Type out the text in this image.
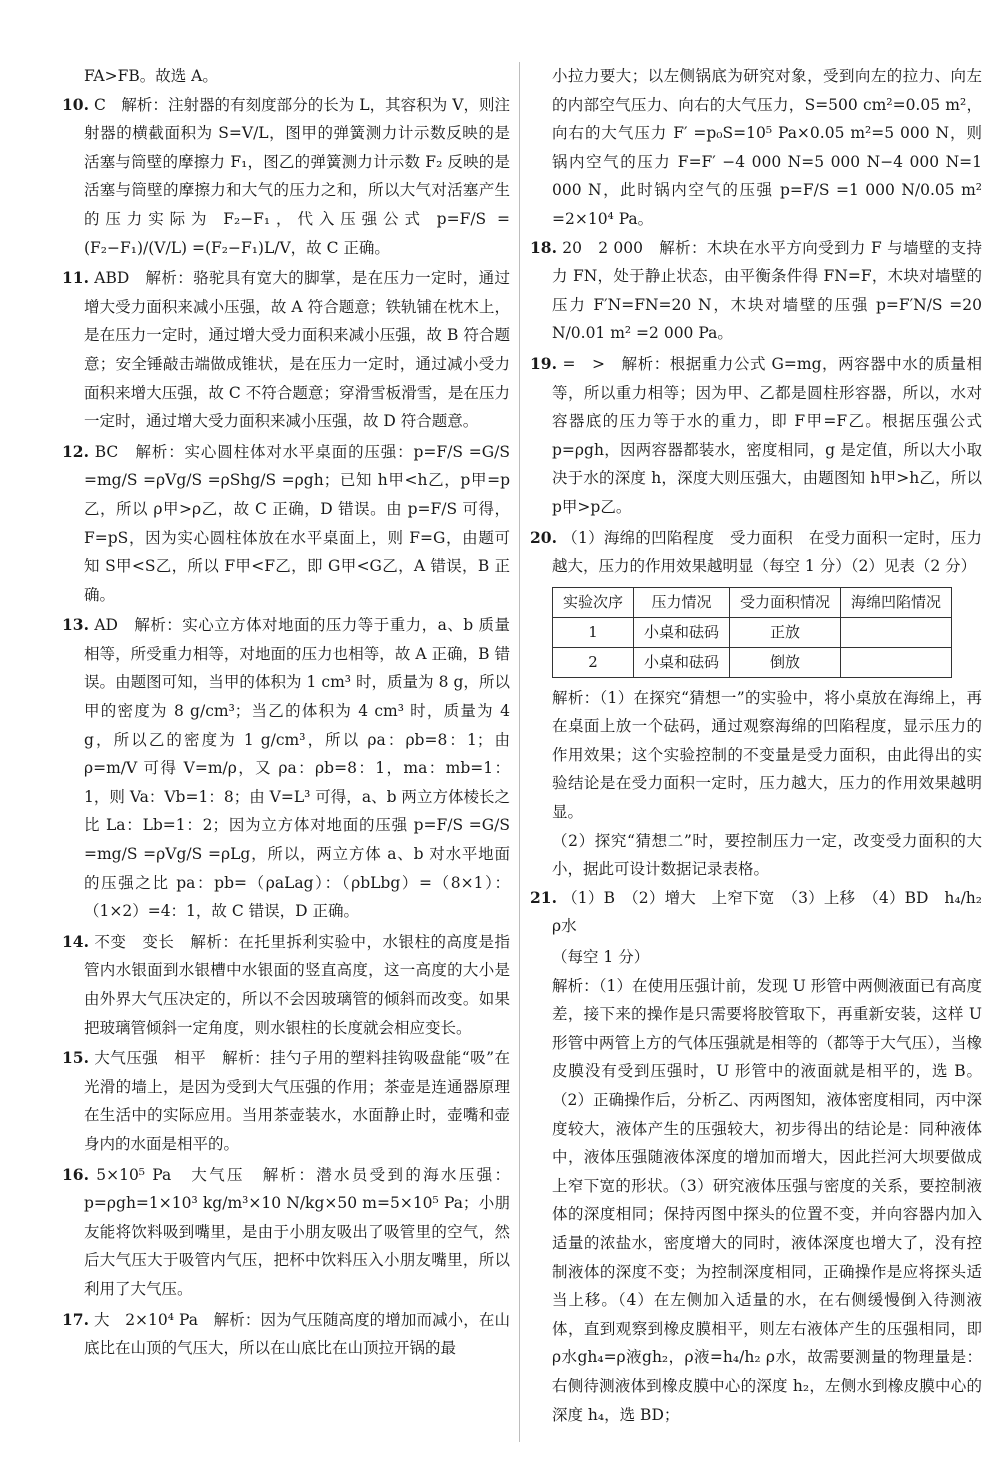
FA>FB。故选 A。

10. C　解析：注射器的有刻度部分的长为 L，其容积为 V，则注射器的横截面积为 S=V/L，图甲的弹簧测力计示数反映的是活塞与筒壁的摩擦力 F₁，图乙的弹簧测力计示数 F₂ 反映的是活塞与筒壁的摩擦力和大气的压力之和，所以大气对活塞产生的压力实际为 F₂−F₁，代入压强公式 p=F/S =(F₂−F₁)/(V/L) =(F₂−F₁)L/V，故 C 正确。

11. ABD　解析：骆驼具有宽大的脚掌，是在压力一定时，通过增大受力面积来减小压强，故 A 符合题意；铁轨铺在枕木上，是在压力一定时，通过增大受力面积来减小压强，故 B 符合题意；安全锤敲击端做成锥状，是在压力一定时，通过减小受力面积来增大压强，故 C 不符合题意；穿滑雪板滑雪，是在压力一定时，通过增大受力面积来减小压强，故 D 符合题意。

12. BC　解析：实心圆柱体对水平桌面的压强：p=F/S =G/S =mg/S =ρVg/S =ρShg/S =ρgh；已知 h甲<h乙，p甲=p乙，所以 ρ甲>ρ乙，故 C 正确，D 错误。由 p=F/S 可得，F=pS，因为实心圆柱体放在水平桌面上，则 F=G，由题可知 S甲<S乙，所以 F甲<F乙，即 G甲<G乙，A 错误，B 正确。

13. AD　解析：实心立方体对地面的压力等于重力，a、b 质量相等，所受重力相等，对地面的压力也相等，故 A 正确，B 错误。由题图可知，当甲的体积为 1 cm³ 时，质量为 8 g，所以甲的密度为 8 g/cm³；当乙的体积为 4 cm³ 时，质量为 4 g，所以乙的密度为 1 g/cm³，所以 ρa：ρb=8：1；由 ρ=m/V 可得 V=m/ρ，又 ρa：ρb=8：1，ma：mb=1：1，则 Va：Vb=1：8；由 V=L³ 可得，a、b 两立方体棱长之比 La：Lb=1：2；因为立方体对地面的压强 p=F/S =G/S =mg/S =ρVg/S =ρLg，所以，两立方体 a、b 对水平地面的压强之比 pa：pb=（ρaLag）：（ρbLbg）=（8×1）：（1×2）=4：1，故 C 错误，D 正确。

14. 不变　变长　解析：在托里拆利实验中，水银柱的高度是指管内水银面到水银槽中水银面的竖直高度，这一高度的大小是由外界大气压决定的，所以不会因玻璃管的倾斜而改变。如果把玻璃管倾斜一定角度，则水银柱的长度就会相应变长。

15. 大气压强　相平　解析：挂勺子用的塑料挂钩吸盘能“吸”在光滑的墙上，是因为受到大气压强的作用；茶壶是连通器原理在生活中的实际应用。当用茶壶装水，水面静止时，壶嘴和壶身内的水面是相平的。

16. 5×10⁵ Pa　大气压　解析：潜水员受到的海水压强：p=ρgh=1×10³ kg/m³×10 N/kg×50 m=5×10⁵ Pa；小朋友能将饮料吸到嘴里，是由于小朋友吸出了吸管里的空气，然后大气压大于吸管内气压，把杯中饮料压入小朋友嘴里，所以利用了大气压。

17. 大　2×10⁴ Pa　解析：因为气压随高度的增加而减小，在山底比在山顶的气压大，所以在山底比在山顶拉开锅的最

小拉力要大；以左侧锅底为研究对象，受到向左的拉力、向左的内部空气压力、向右的大气压力，S=500 cm²=0.05 m²，向右的大气压力 F′ =p₀S=10⁵ Pa×0.05 m²=5 000 N，则锅内空气的压力 F=F′ −4 000 N=5 000 N−4 000 N=1 000 N，此时锅内空气的压强 p=F/S =1 000 N/0.05 m² =2×10⁴ Pa。

18. 20　2 000　解析：木块在水平方向受到力 F 与墙壁的支持力 FN，处于静止状态，由平衡条件得 FN=F，木块对墙壁的压力 F′N=FN=20 N，木块对墙壁的压强 p=F′N/S =20 N/0.01 m² =2 000 Pa。

19. =　>　解析：根据重力公式 G=mg，两容器中水的质量相等，所以重力相等；因为甲、乙都是圆柱形容器，所以，水对容器底的压力等于水的重力，即 F甲=F乙。根据压强公式 p=ρgh，因两容器都装水，密度相同，g 是定值，所以大小取决于水的深度 h，深度大则压强大，由题图知 h甲>h乙，所以 p甲>p乙。

20. （1）海绵的凹陷程度　受力面积　在受力面积一定时，压力越大，压力的作用效果越明显（每空 1 分）（2）见表（2 分）

实验次序	压力情况	受力面积情况	海绵凹陷情况
1	小桌和砝码	正放	
2	小桌和砝码	倒放	

解析：（1）在探究“猜想一”的实验中，将小桌放在海绵上，再在桌面上放一个砝码，通过观察海绵的凹陷程度，显示压力的作用效果；这个实验控制的不变量是受力面积，由此得出的实验结论是在受力面积一定时，压力越大，压力的作用效果越明显。

（2）探究“猜想二”时，要控制压力一定，改变受力面积的大小，据此可设计数据记录表格。

21. （1）B　（2）增大　上窄下宽　（3）上移　（4）BD　h₄/h₂ ρ水

（每空 1 分）

解析：（1）在使用压强计前，发现 U 形管中两侧液面已有高度差，接下来的操作是只需要将胶管取下，再重新安装，这样 U 形管中两管上方的气体压强就是相等的（都等于大气压），当橡皮膜没有受到压强时，U 形管中的液面就是相平的，选 B。（2）正确操作后，分析乙、丙两图知，液体密度相同，丙中深度较大，液体产生的压强较大，初步得出的结论是：同种液体中，液体压强随液体深度的增加而增大，因此拦河大坝要做成上窄下宽的形状。（3）研究液体压强与密度的关系，要控制液体的深度相同；保持丙图中探头的位置不变，并向容器内加入适量的浓盐水，密度增大的同时，液体深度也增大了，没有控制液体的深度不变；为控制深度相同，正确操作是应将探头适当上移。（4）在左侧加入适量的水，在右侧缓慢倒入待测液体，直到观察到橡皮膜相平，则左右液体产生的压强相同，即 ρ水gh₄=ρ液gh₂，ρ液=h₄/h₂ ρ水，故需要测量的物理量是：右侧待测液体到橡皮膜中心的深度 h₂，左侧水到橡皮膜中心的深度 h₄，选 BD；
